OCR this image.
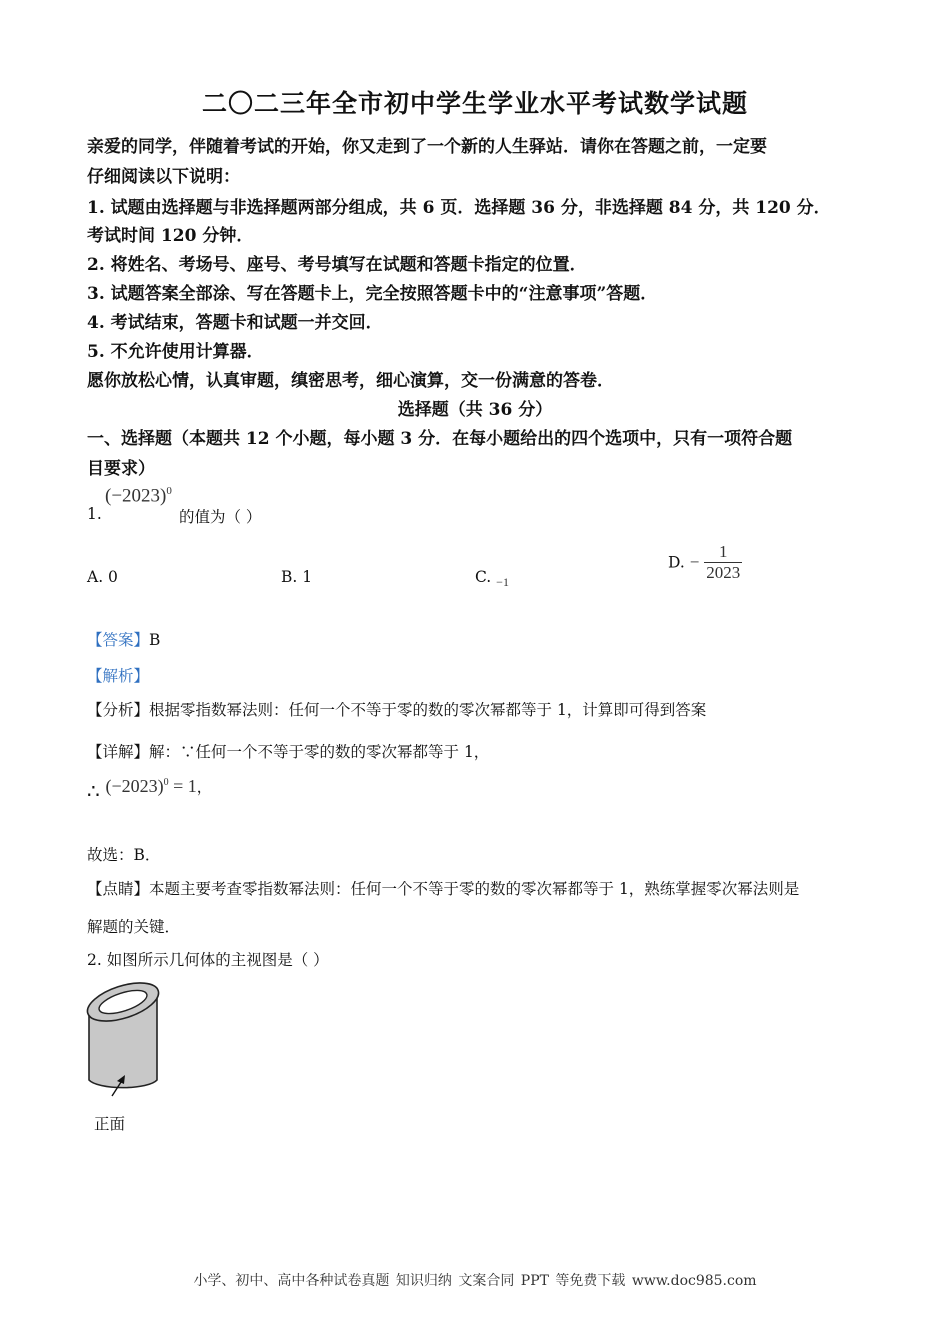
二〇二三年全市初中学生学业水平考试数学试题
亲爱的同学，伴随着考试的开始，你又走到了一个新的人生驿站．请你在答题之前，一定要
仔细阅读以下说明：
1. 试题由选择题与非选择题两部分组成，共 6 页．选择题 36 分，非选择题 84 分，共 120 分．
考试时间 120 分钟．
2. 将姓名、考场号、座号、考号填写在试题和答题卡指定的位置．
3. 试题答案全部涂、写在答题卡上，完全按照答题卡中的“注意事项”答题．
4. 考试结束，答题卡和试题一并交回．
5. 不允许使用计算器．
愿你放松心情，认真审题，缜密思考，细心演算，交一份满意的答卷．
选择题（共 36 分）
一、选择题（本题共 12 个小题，每小题 3 分．在每小题给出的四个选项中，只有一项符合题
目要求）
1.
$(-2023)^0$
的值为（ ）
A. 0	B. 1	C. $_{-1}$
D. − $\frac{1}{2023}$
【答案】B
【解析】
【分析】根据零指数幂法则：任何一个不等于零的数的零次幂都等于 1，计算即可得到答案
【详解】解：∵任何一个不等于零的数的零次幂都等于 1，
∴ $(-2023)^0 = 1$，
故选：B．
【点睛】本题主要考查零指数幂法则：任何一个不等于零的数的零次幂都等于 1，熟练掌握零次幂法则是
解题的关键．
2. 如图所示几何体的主视图是（ ）
正面
小学、初中、高中各种试卷真题 知识归纳 文案合同 PPT 等免费下载 www.doc985.com
